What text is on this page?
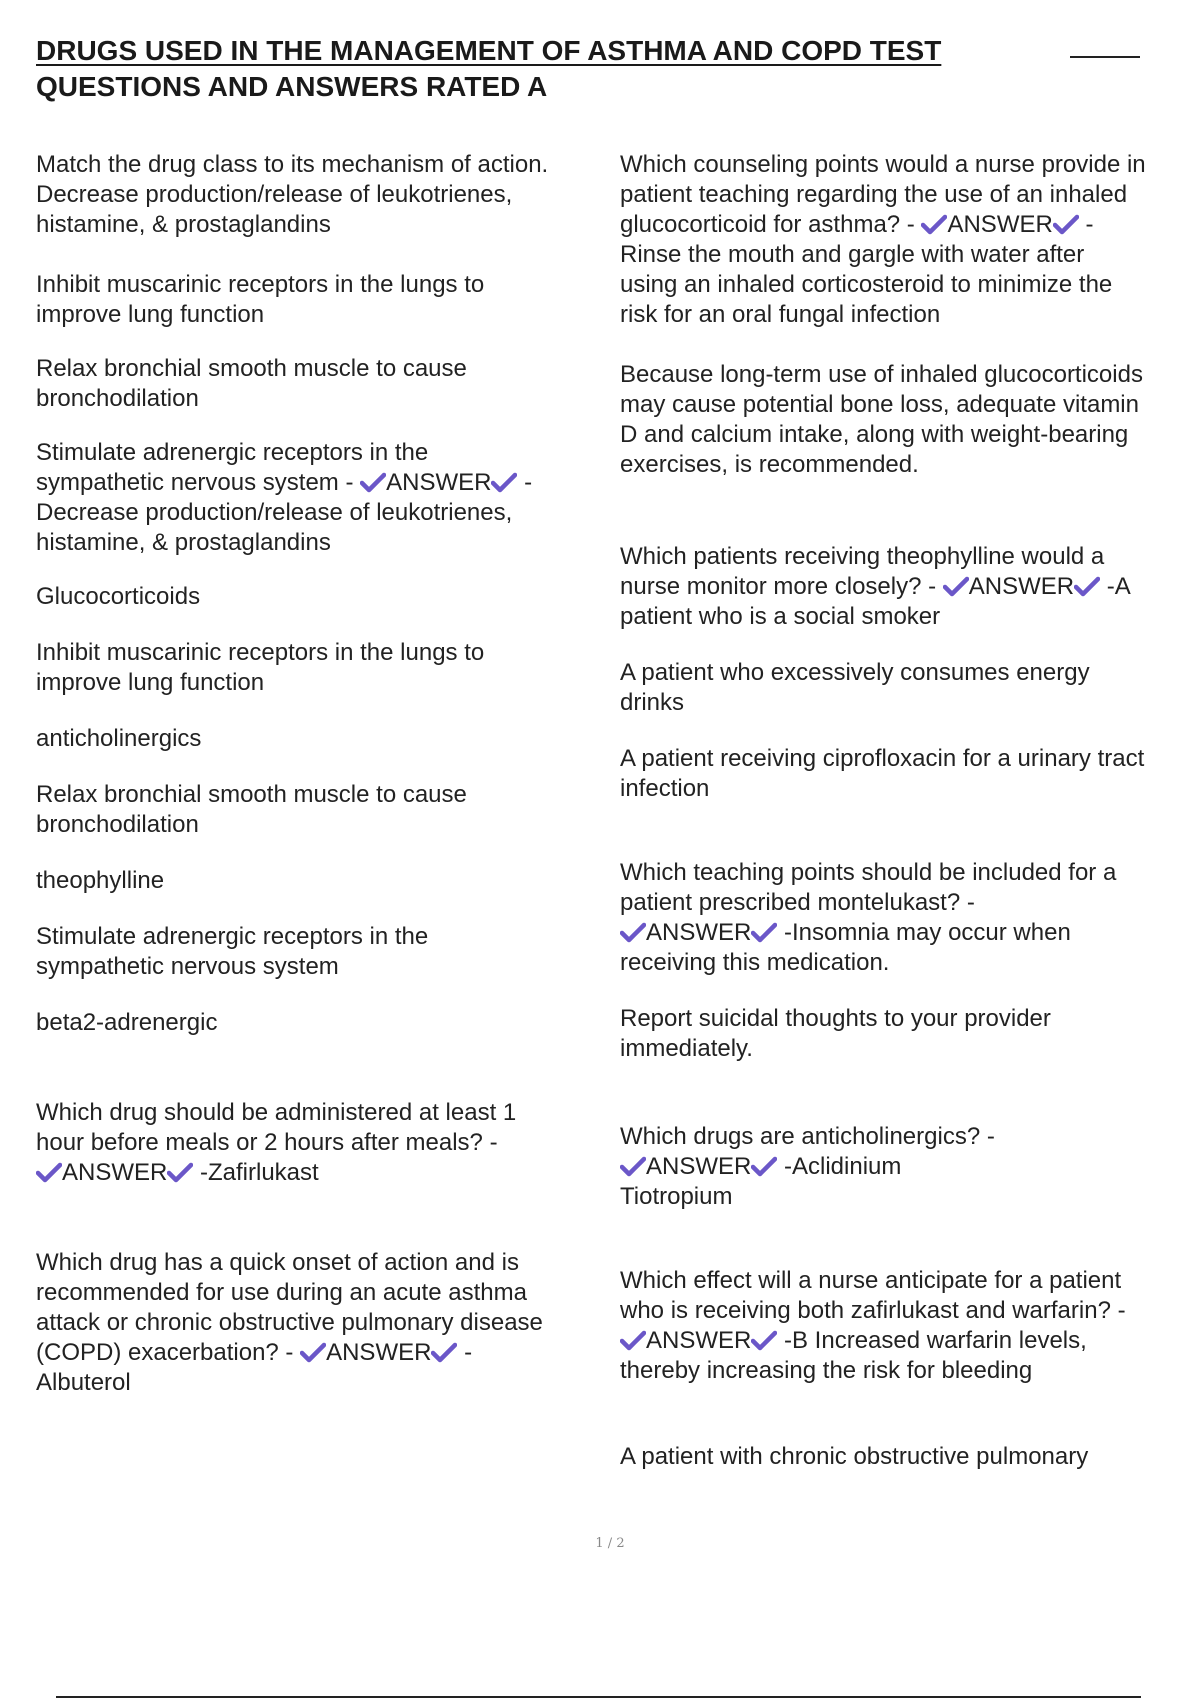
DRUGS USED IN THE MANAGEMENT OF ASTHMA AND COPD TEST
QUESTIONS AND ANSWERS RATED A

Match the drug class to its mechanism of action.
Decrease production/release of leukotrienes,
histamine, & prostaglandins

Inhibit muscarinic receptors in the lungs to
improve lung function

Relax bronchial smooth muscle to cause
bronchodilation

Stimulate adrenergic receptors in the
sympathetic nervous system -
ANSWER
-

Decrease production/release of leukotrienes,
histamine, & prostaglandins

Glucocorticoids

Inhibit muscarinic receptors in the lungs to
improve lung function

anticholinergics

Relax bronchial smooth muscle to cause
bronchodilation

theophylline

Stimulate adrenergic receptors in the
sympathetic nervous system

beta2-adrenergic

Which drug should be administered at least 1
hour before meals or 2 hours after meals? -

ANSWER
-Zafirlukast

Which drug has a quick onset of action and is
recommended for use during an acute asthma
attack or chronic obstructive pulmonary disease
(COPD) exacerbation? -
ANSWER
-
Albuterol

Which counseling points would a nurse provide in
patient teaching regarding the use of an inhaled
glucocorticoid for asthma? -
ANSWER
-
Rinse the mouth and gargle with water after
using an inhaled corticosteroid to minimize the
risk for an oral fungal infection

Because long-term use of inhaled glucocorticoids
may cause potential bone loss, adequate vitamin
D and calcium intake, along with weight-bearing
exercises, is recommended.

Which patients receiving theophylline would a
nurse monitor more closely? -
ANSWER
-A
patient who is a social smoker

A patient who excessively consumes energy
drinks

A patient receiving ciprofloxacin for a urinary tract
infection

Which teaching points should be included for a
patient prescribed montelukast? -

ANSWER
-Insomnia may occur when
receiving this medication.

Report suicidal thoughts to your provider
immediately.

Which drugs are anticholinergics? -

ANSWER
-Aclidinium
Tiotropium

Which effect will a nurse anticipate for a patient
who is receiving both zafirlukast and warfarin? -

ANSWER
-B Increased warfarin levels,
thereby increasing the risk for bleeding

A patient with chronic obstructive pulmonary

1 / 2
